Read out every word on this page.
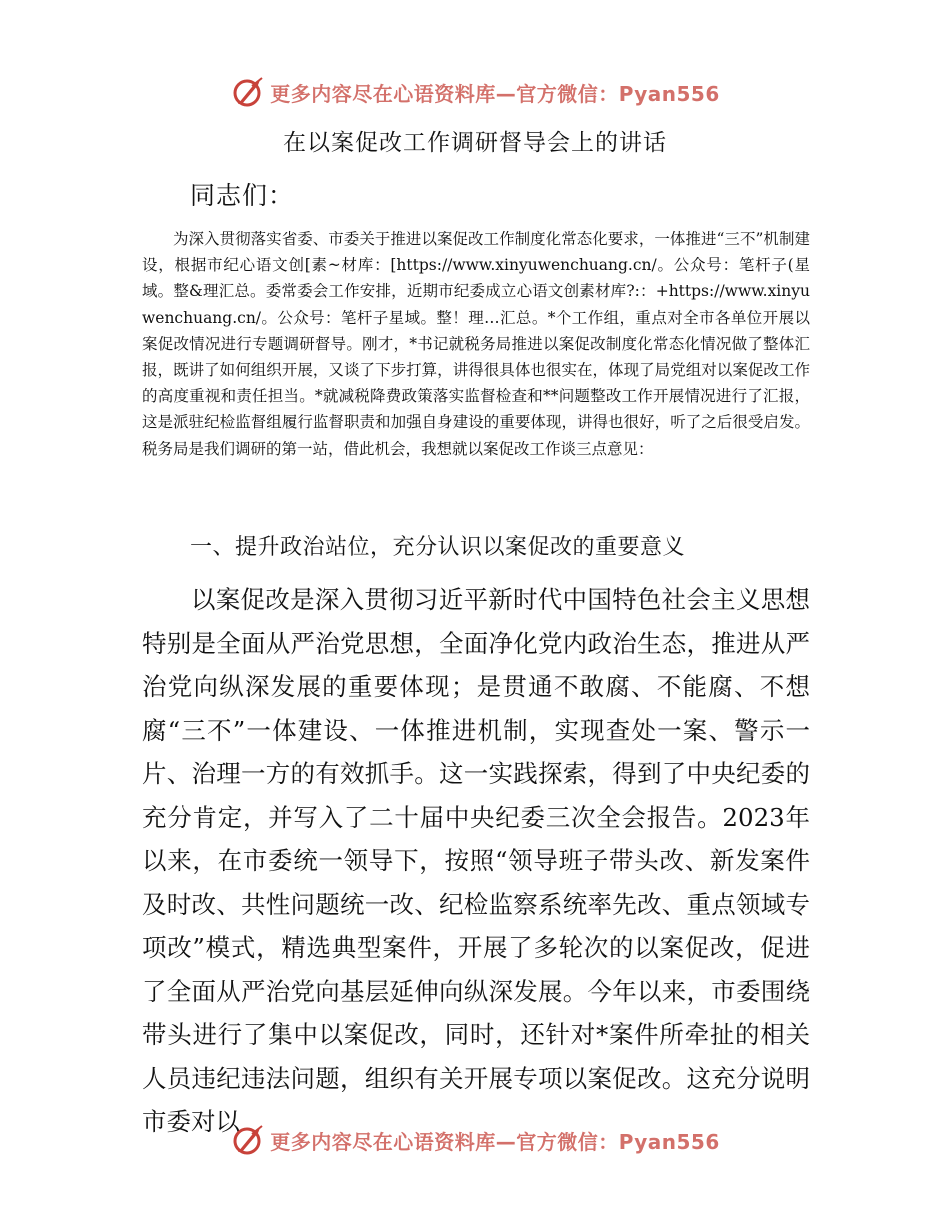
更多内容尽在心语资料库—官方微信：Pyan556
在以案促改工作调研督导会上的讲话
同志们：

为深入贯彻落实省委、市委关于推进以案促改工作制度化常态化要求，一体推进“三不”机制建设，根据市纪心语文创[素~材库：[https://www.xinyuwenchuang.cn/。公众号：笔杆子(星域。整&理汇总。委常委会工作安排，近期市纪委成立心语文创素材库?:：+https://www.xinyuwenchuang.cn/。公众号：笔杆子星域。整！理…汇总。*个工作组，重点对全市各单位开展以案促改情况进行专题调研督导。刚才，*书记就税务局推进以案促改制度化常态化情况做了整体汇报，既讲了如何组织开展，又谈了下步打算，讲得很具体也很实在，体现了局党组对以案促改工作的高度重视和责任担当。*就减税降费政策落实监督检查和**问题整改工作开展情况进行了汇报，这是派驻纪检监督组履行监督职责和加强自身建设的重要体现，讲得也很好，听了之后很受启发。税务局是我们调研的第一站，借此机会，我想就以案促改工作谈三点意见：

一、提升政治站位，充分认识以案促改的重要意义

以案促改是深入贯彻习近平新时代中国特色社会主义思想特别是全面从严治党思想，全面净化党内政治生态，推进从严治党向纵深发展的重要体现；是贯通不敢腐、不能腐、不想腐“三不”一体建设、一体推进机制，实现查处一案、警示一片、治理一方的有效抓手。这一实践探索，得到了中央纪委的充分肯定，并写入了二十届中央纪委三次全会报告。2023年以来，在市委统一领导下，按照“领导班子带头改、新发案件及时改、共性问题统一改、纪检监察系统率先改、重点领域专项改”模式，精选典型案件，开展了多轮次的以案促改，促进了全面从严治党向基层延伸向纵深发展。今年以来，市委围绕带头进行了集中以案促改，同时，还针对*案件所牵扯的相关人员违纪违法问题，组织有关开展专项以案促改。这充分说明市委对以

更多内容尽在心语资料库—官方微信：Pyan556
